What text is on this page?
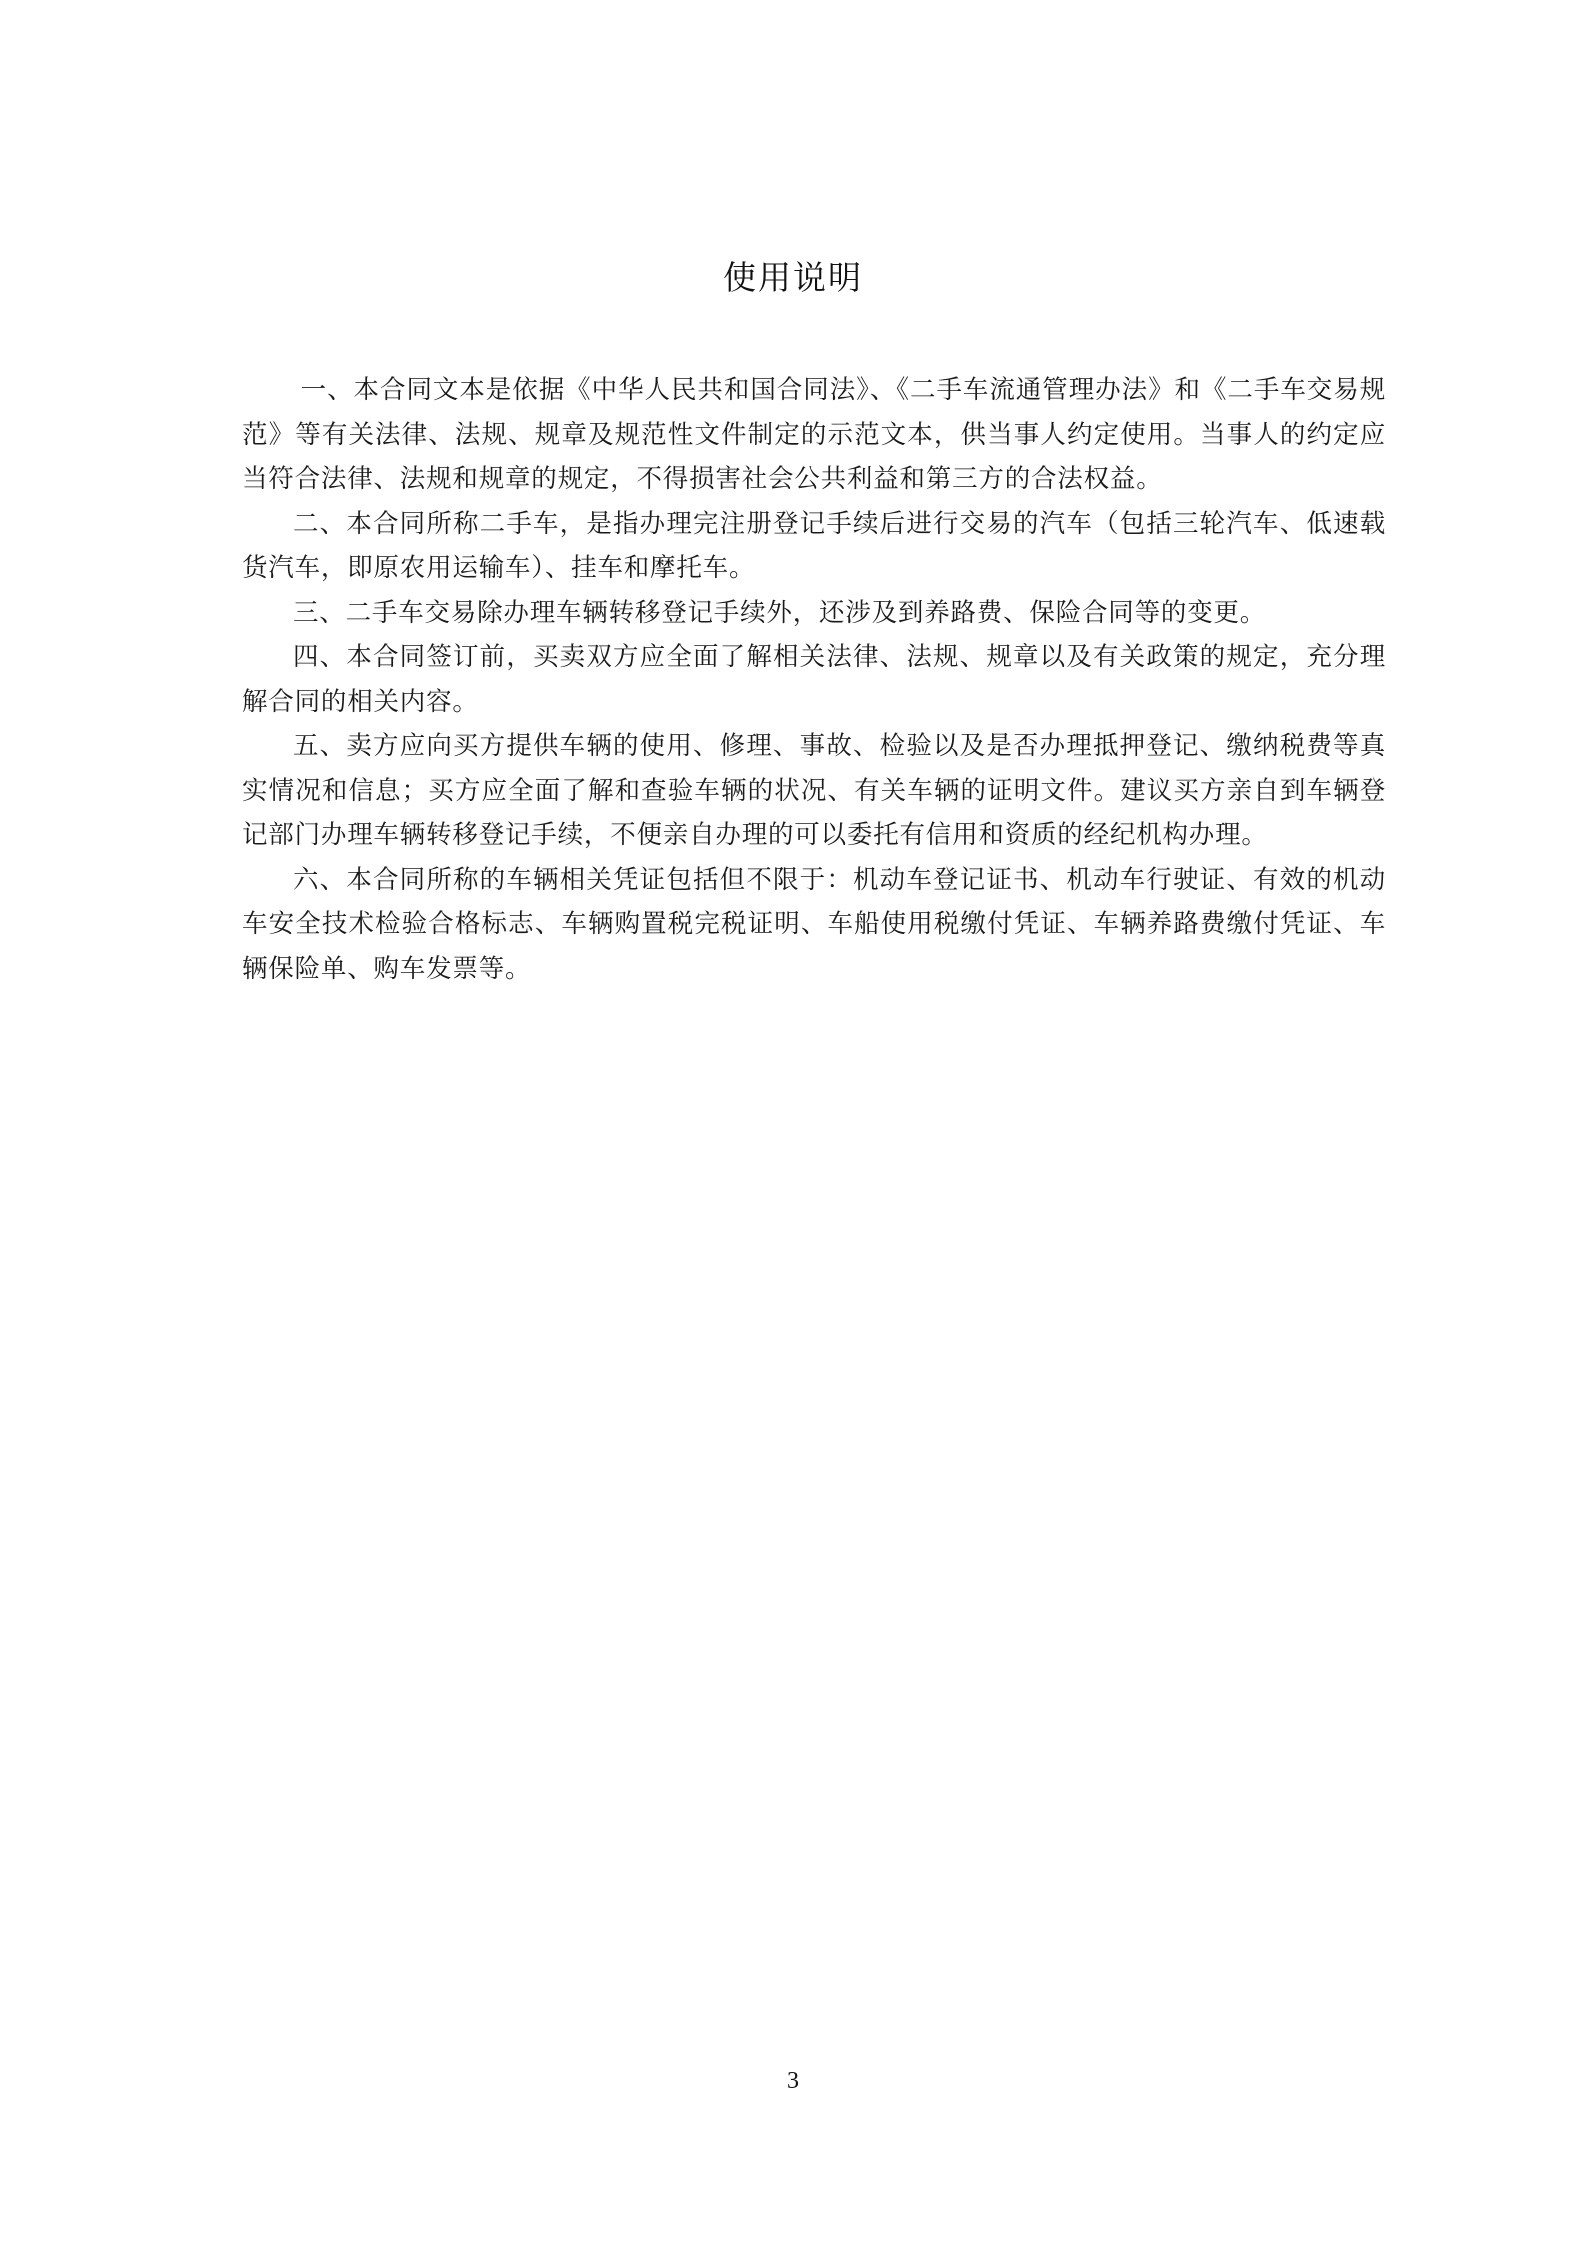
使用说明

一、本合同文本是依据《中华人民共和国合同法》、《二手车流通管理办法》和《二手车交易规范》等有关法律、法规、规章及规范性文件制定的示范文本，供当事人约定使用。当事人的约定应当符合法律、法规和规章的规定，不得损害社会公共利益和第三方的合法权益。

二、本合同所称二手车，是指办理完注册登记手续后进行交易的汽车（包括三轮汽车、低速载货汽车，即原农用运输车）、挂车和摩托车。

三、二手车交易除办理车辆转移登记手续外，还涉及到养路费、保险合同等的变更。

四、本合同签订前，买卖双方应全面了解相关法律、法规、规章以及有关政策的规定，充分理解合同的相关内容。

五、卖方应向买方提供车辆的使用、修理、事故、检验以及是否办理抵押登记、缴纳税费等真实情况和信息；买方应全面了解和查验车辆的状况、有关车辆的证明文件。建议买方亲自到车辆登记部门办理车辆转移登记手续，不便亲自办理的可以委托有信用和资质的经纪机构办理。

六、本合同所称的车辆相关凭证包括但不限于：机动车登记证书、机动车行驶证、有效的机动车安全技术检验合格标志、车辆购置税完税证明、车船使用税缴付凭证、车辆养路费缴付凭证、车辆保险单、购车发票等。

3
